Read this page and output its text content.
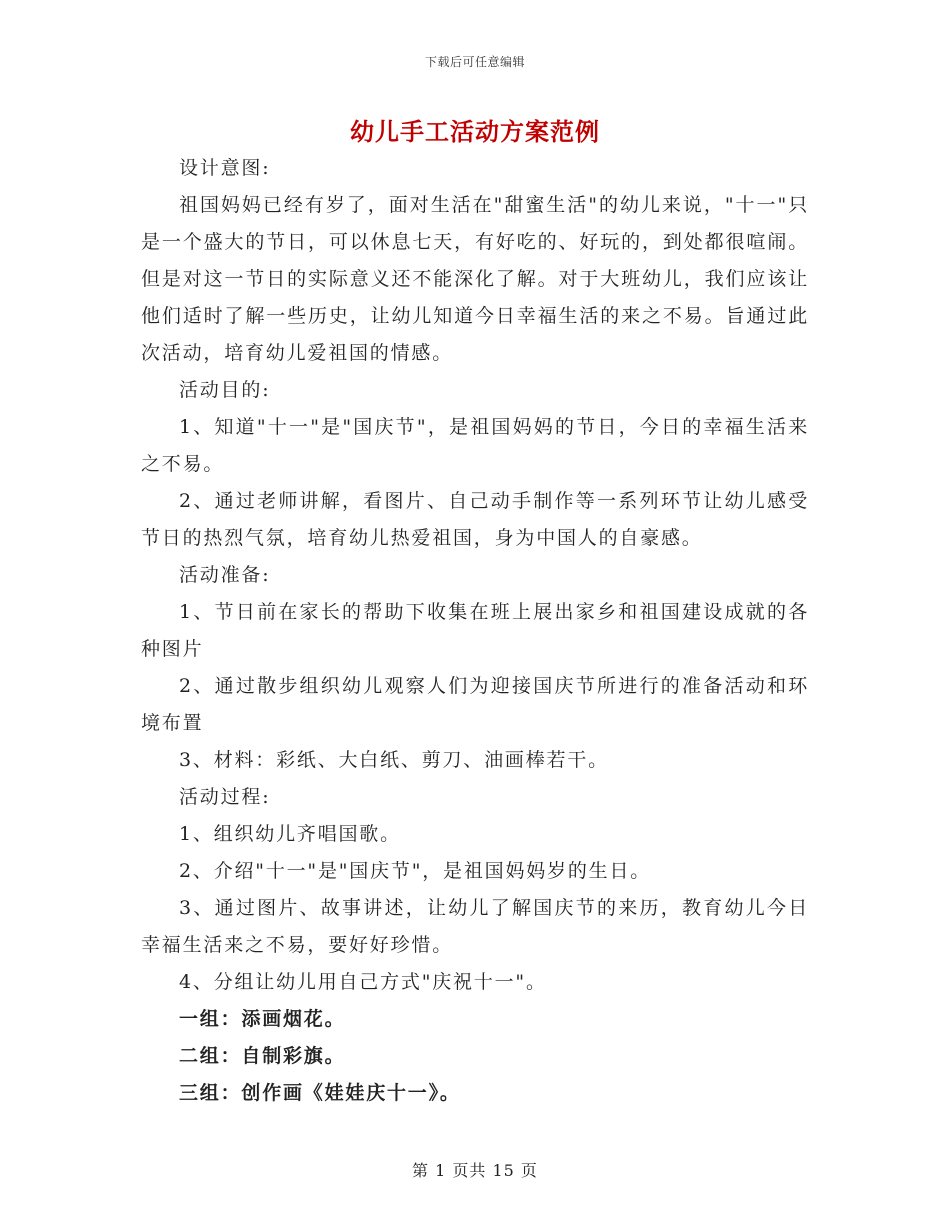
下载后可任意编辑
幼儿手工活动方案范例

设计意图:

祖国妈妈已经有岁了，面对生活在"甜蜜生活"的幼儿来说，"十一"只是一个盛大的节日，可以休息七天，有好吃的、好玩的，到处都很喧闹。但是对这一节日的实际意义还不能深化了解。对于大班幼儿，我们应该让他们适时了解一些历史，让幼儿知道今日幸福生活的来之不易。旨通过此次活动，培育幼儿爱祖国的情感。

活动目的:

1、知道"十一"是"国庆节"，是祖国妈妈的节日，今日的幸福生活来之不易。

2、通过老师讲解，看图片、自己动手制作等一系列环节让幼儿感受节日的热烈气氛，培育幼儿热爱祖国，身为中国人的自豪感。

活动准备:

1、节日前在家长的帮助下收集在班上展出家乡和祖国建设成就的各种图片

2、通过散步组织幼儿观察人们为迎接国庆节所进行的准备活动和环境布置

3、材料：彩纸、大白纸、剪刀、油画棒若干。

活动过程:

1、组织幼儿齐唱国歌。

2、介绍"十一"是"国庆节"，是祖国妈妈岁的生日。

3、通过图片、故事讲述，让幼儿了解国庆节的来历，教育幼儿今日幸福生活来之不易，要好好珍惜。

4、分组让幼儿用自己方式"庆祝十一"。

一组：添画烟花。

二组：自制彩旗。

三组：创作画《娃娃庆十一》。

第 1 页共 15 页
